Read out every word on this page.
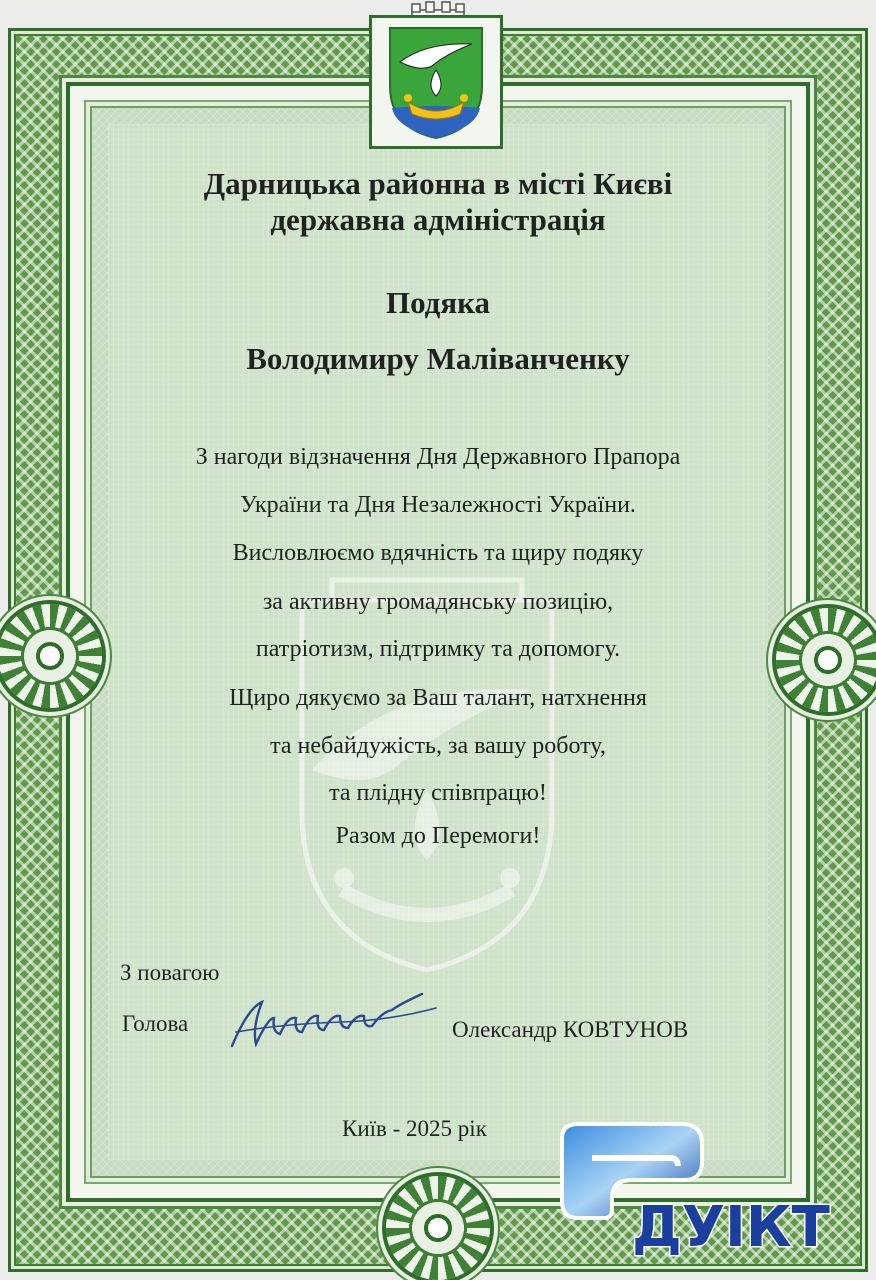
Дарницька районна в місті Києві
державна адміністрація
Подяка
Володимиру Маліванченку
З нагоди відзначення Дня Державного Прапора
України та Дня Незалежності України.
Висловлюємо вдячність та щиру подяку
за активну громадянську позицію,
патріотизм, підтримку та допомогу.
Щиро дякуємо за Ваш талант, натхнення
та небайдужість, за вашу роботу,
та плідну співпрацю!
Разом до Перемоги!
З повагою
Голова	Олександр КОВТУНОВ
Київ - 2025 рік
ДУІКТ
